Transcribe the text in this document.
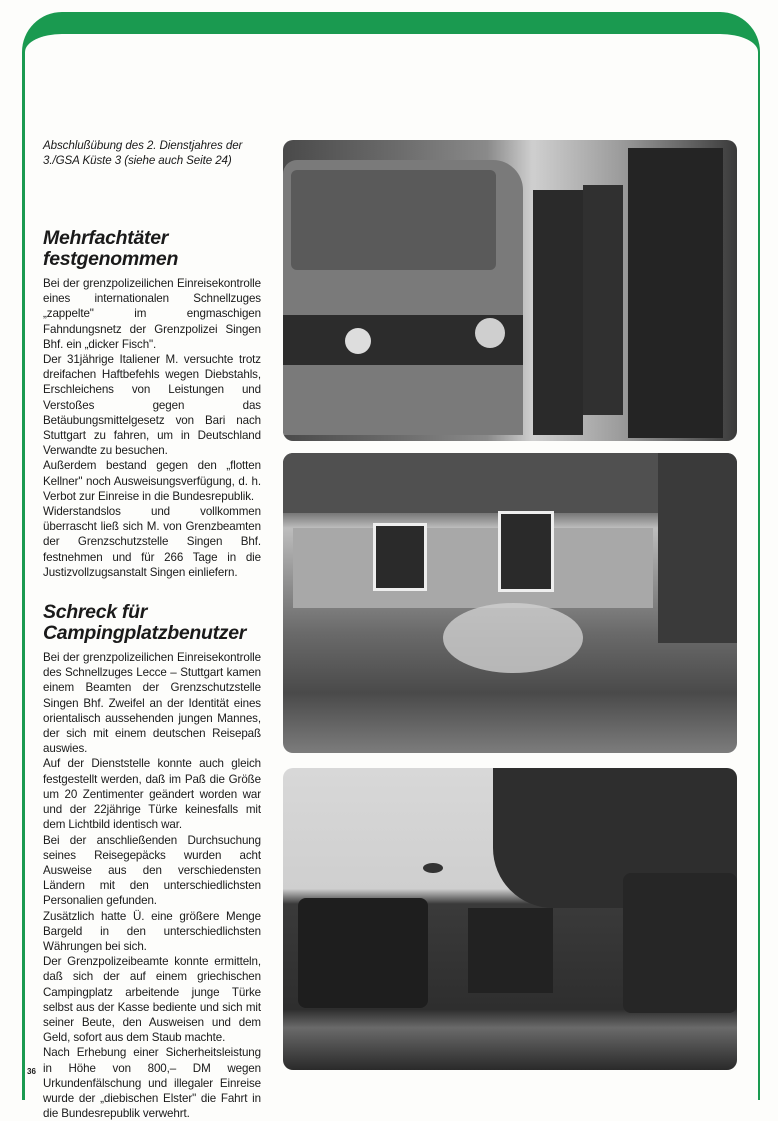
Abschlußübung des 2. Dienstjahres der 3./GSA Küste 3 (siehe auch Seite 24)
Mehrfachtäter
festgenommen

Bei der grenzpolizeilichen Einreisekontrolle eines internationalen Schnellzuges „zappelte" im engmaschigen Fahndungsnetz der Grenzpolizei Singen Bhf. ein „dicker Fisch".

Der 31jährige Italiener M. versuchte trotz dreifachen Haftbefehls wegen Diebstahls, Erschleichens von Leistungen und Verstoßes gegen das Betäubungsmittelgesetz von Bari nach Stuttgart zu fahren, um in Deutschland Verwandte zu besuchen.

Außerdem bestand gegen den „flotten Kellner" noch Ausweisungsverfügung, d. h. Verbot zur Einreise in die Bundesrepublik.

Widerstandslos und vollkommen überrascht ließ sich M. von Grenzbeamten der Grenzschutzstelle Singen Bhf. festnehmen und für 266 Tage in die Justizvollzugsanstalt Singen einliefern.

Schreck für
Campingplatzbenutzer

Bei der grenzpolizeilichen Einreisekontrolle des Schnellzuges Lecce – Stuttgart kamen einem Beamten der Grenzschutzstelle Singen Bhf. Zweifel an der Identität eines orientalisch aussehenden jungen Mannes, der sich mit einem deutschen Reisepaß auswies.

Auf der Dienststelle konnte auch gleich festgestellt werden, daß im Paß die Größe um 20 Zentimenter geändert worden war und der 22jährige Türke keinesfalls mit dem Lichtbild identisch war.

Bei der anschließenden Durchsuchung seines Reisegepäcks wurden acht Ausweise aus den verschiedensten Ländern mit den unterschiedlichsten Personalien gefunden.

Zusätzlich hatte Ü. eine größere Menge Bargeld in den unterschiedlichsten Währungen bei sich.

Der Grenzpolizeibeamte konnte ermitteln, daß sich der auf einem griechischen Campingplatz arbeitende junge Türke selbst aus der Kasse bediente und sich mit seiner Beute, den Ausweisen und dem Geld, sofort aus dem Staub machte.

Nach Erhebung einer Sicherheitsleistung in Höhe von 800,– DM wegen Urkundenfälschung und illegaler Einreise wurde der „diebischen Elster" die Fahrt in die Bundesrepublik verwehrt.

36
